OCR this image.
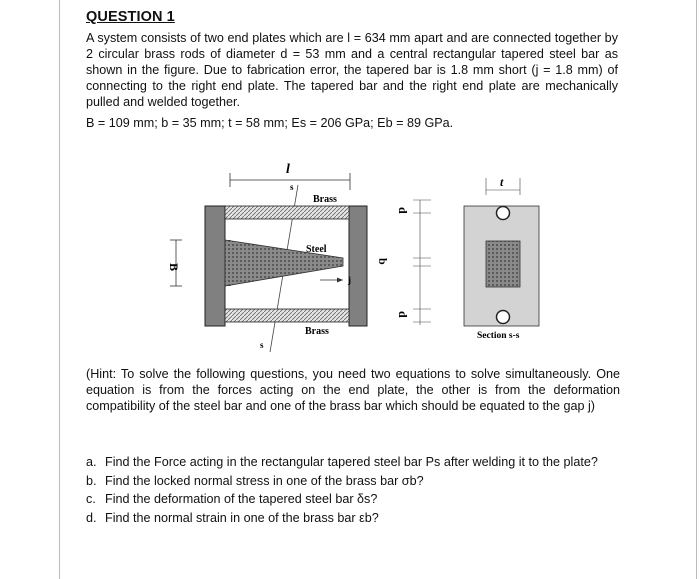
QUESTION 1
A system consists of two end plates which are l = 634 mm apart and are connected together by 2 circular brass rods of diameter d = 53 mm and a central rectangular tapered steel bar as shown in the figure. Due to fabrication error, the tapered bar is 1.8 mm short (j = 1.8 mm) of connecting to the right end plate. The tapered bar and the right end plate are mechanically pulled and welded together.
B = 109 mm; b = 35 mm; t = 58 mm; Es = 206 GPa; Eb = 89 GPa.
l
s
s
Brass
Brass
Steel
j
B
d
b
d
Section s-s
t
(Hint: To solve the following questions, you need two equations to solve simultaneously. One equation is from the forces acting on the end plate, the other is from the deformation compatibility of the steel bar and one of the brass bar which should be equated to the gap j)
a. Find the Force acting in the rectangular tapered steel bar Ps after welding it to the plate?
b. Find the locked normal stress in one of the brass bar σb?
c. Find the deformation of the tapered steel bar δs?
d. Find the normal strain in one of the brass bar εb?
